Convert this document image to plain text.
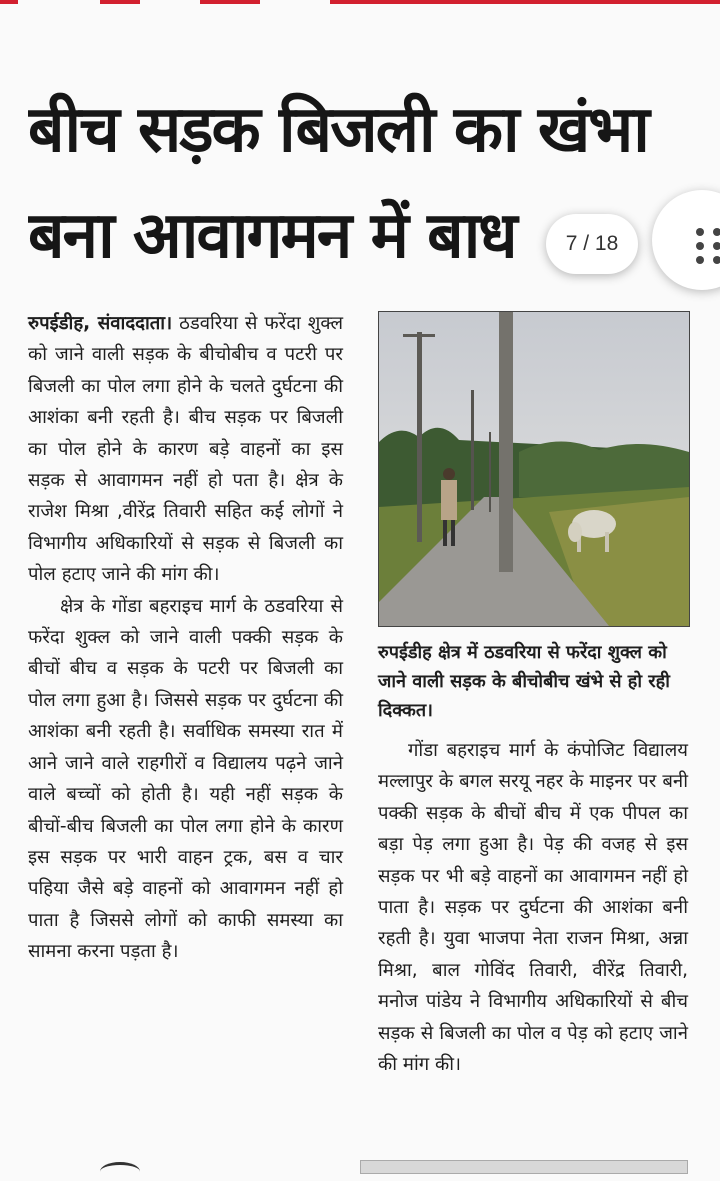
बीच सड़क बिजली का खंभा
बना आवागमन में बाध

रुपईडीह, संवाददाता। ठडवरिया से फरेंदा शुक्ल को जाने वाली सड़क के बीचोबीच व पटरी पर बिजली का पोल लगा होने के चलते दुर्घटना की आशंका बनी रहती है। बीच सड़क पर बिजली का पोल होने के कारण बड़े वाहनों का इस सड़क से आवागमन नहीं हो पता है। क्षेत्र के राजेश मिश्रा ,वीरेंद्र तिवारी सहित कई लोगों ने विभागीय अधिकारियों से सड़क से बिजली का पोल हटाए जाने की मांग की।

क्षेत्र के गोंडा बहराइच मार्ग के ठडवरिया से फरेंदा शुक्ल को जाने वाली पक्की सड़क के बीचों बीच व सड़क के पटरी पर बिजली का पोल लगा हुआ है। जिससे सड़क पर दुर्घटना की आशंका बनी रहती है। सर्वाधिक समस्या रात में आने जाने वाले राहगीरों व विद्यालय पढ़ने जाने वाले बच्चों को होती है। यही नहीं सड़क के बीचों-बीच बिजली का पोल लगा होने के कारण इस सड़क पर भारी वाहन ट्रक, बस व चार पहिया जैसे बड़े वाहनों को आवागमन नहीं हो पाता है जिससे लोगों को काफी समस्या का सामना करना पड़ता है।

रुपईडीह क्षेत्र में ठडवरिया से फरेंदा शुक्ल को जाने वाली सड़क के बीचोबीच खंभे से हो रही दिक्कत।

गोंडा बहराइच मार्ग के कंपोजिट विद्यालय मल्लापुर के बगल सरयू नहर के माइनर पर बनी पक्की सड़क के बीचों बीच में एक पीपल का बड़ा पेड़ लगा हुआ है। पेड़ की वजह से इस सड़क पर भी बड़े वाहनों का आवागमन नहीं हो पाता है। सड़क पर दुर्घटना की आशंका बनी रहती है। युवा भाजपा नेता राजन मिश्रा, अन्ना मिश्रा, बाल गोविंद तिवारी, वीरेंद्र तिवारी, मनोज पांडेय ने विभागीय अधिकारियों से बीच सड़क से बिजली का पोल व पेड़ को हटाए जाने की मांग की।

7 / 18
